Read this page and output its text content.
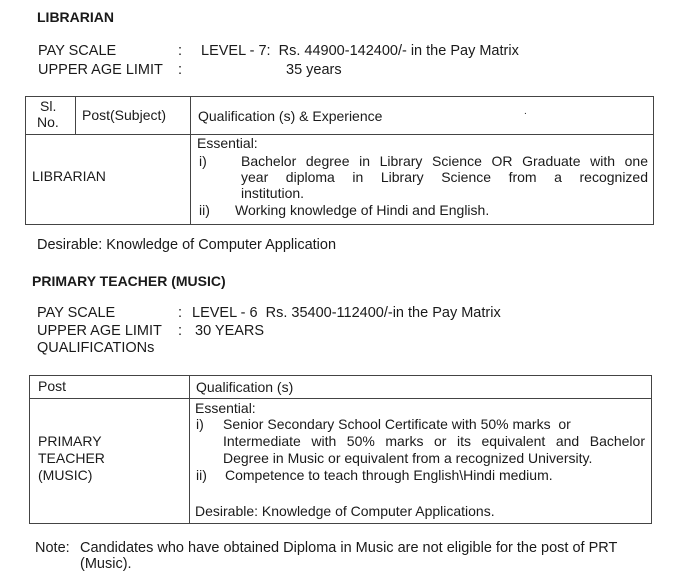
LIBRARIAN
PAY SCALE	: LEVEL - 7:  Rs. 44900-142400/- in the Pay Matrix
UPPER AGE LIMIT :	35 years
Sl.
No.	Post(Subject)	Qualification (s) & Experience	.

LIBRARIAN

Essential:
i) Bachelor degree in Library Science OR Graduate with one
year diploma in Library Science from a recognized
institution.
ii) Working knowledge of Hindi and English.
Desirable: Knowledge of Computer Application
PRIMARY TEACHER (MUSIC)
PAY SCALE	: LEVEL - 6  Rs. 35400-112400/-in the Pay Matrix
UPPER AGE LIMIT : 30 YEARS
QUALIFICATIONs
Post	Qualification (s)

PRIMARY
TEACHER
(MUSIC)

Essential:
i) Senior Secondary School Certificate with 50% marks  or
Intermediate with 50% marks or its equivalent and Bachelor
Degree in Music or equivalent from a recognized University.
ii) Competence to teach through English\Hindi medium.
Desirable: Knowledge of Computer Applications.
Note: Candidates who have obtained Diploma in Music are not eligible for the post of PRT
(Music).
